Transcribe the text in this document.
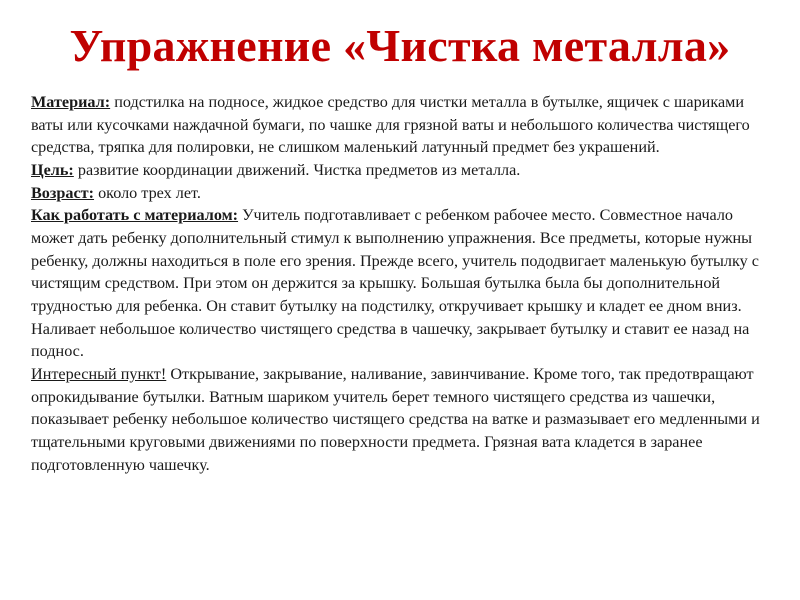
Упражнение «Чистка металла»

Материал: подстилка на подносе, жидкое средство для чистки металла в бутылке, ящичек с шариками ваты или кусочками наждачной бумаги, по чашке для грязной ваты и небольшого количества чистящего средства, тряпка для полировки, не слишком маленький латунный предмет без украшений.

Цель: развитие координации движений. Чистка предметов из металла.

Возраст: около трех лет.

Как работать с материалом: Учитель подготавливает с ребенком рабочее место. Совместное начало может дать ребенку дополнительный стимул к выполнению упражнения. Все предметы, которые нужны ребенку, должны находиться в поле его зрения. Прежде всего, учитель пододвигает маленькую бутылку с чистящим средством. При этом он держится за крышку. Большая бутылка была бы дополнительной трудностью для ребенка. Он ставит бутылку на подстилку, откручивает крышку и кладет ее дном вниз. Наливает небольшое количество чистящего средства в чашечку, закрывает бутылку и ставит ее назад на поднос.

Интересный пункт! Открывание, закрывание, наливание, завинчивание. Кроме того, так предотвращают опрокидывание бутылки. Ватным шариком учитель берет темного чистящего средства из чашечки, показывает ребенку небольшое количество чистящего средства на ватке и размазывает его медленными и тщательными круговыми движениями по поверхности предмета. Грязная вата кладется в заранее подготовленную чашечку.
